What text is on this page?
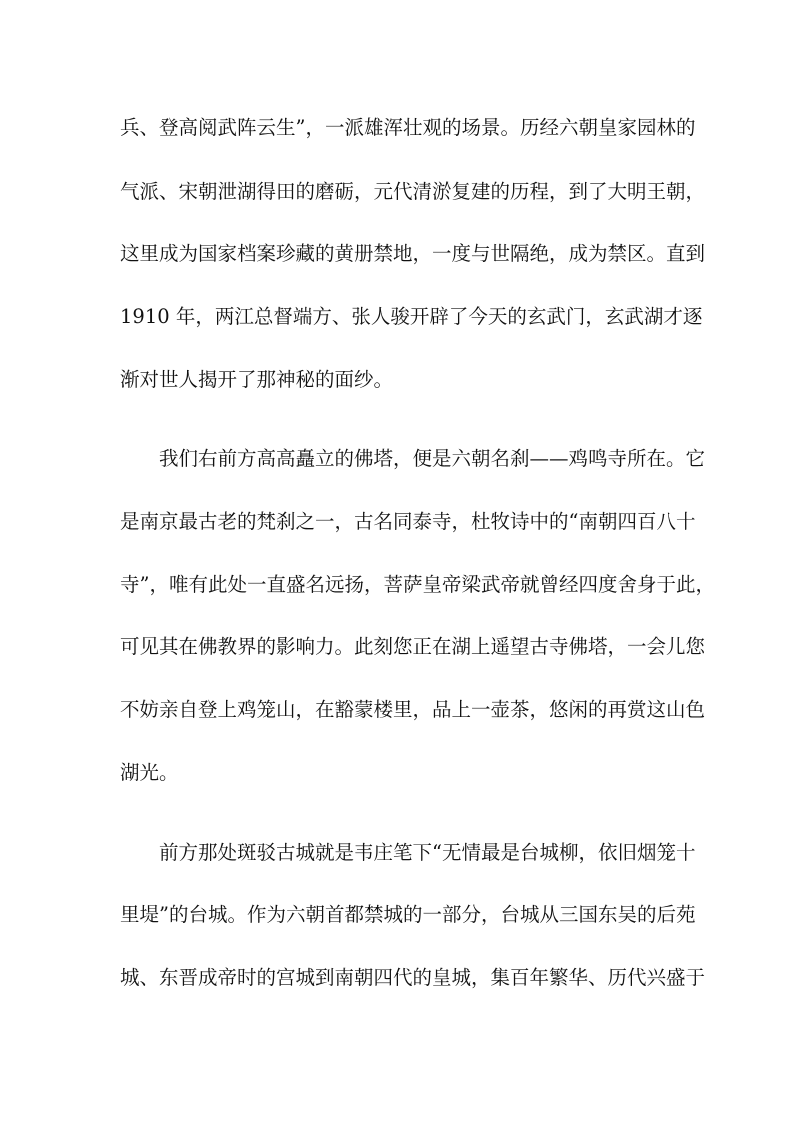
兵、登高阅武阵云生”，一派雄浑壮观的场景。历经六朝皇家园林的
气派、宋朝泄湖得田的磨砺，元代清淤复建的历程，到了大明王朝，
这里成为国家档案珍藏的黄册禁地，一度与世隔绝，成为禁区。直到
1910 年，两江总督端方、张人骏开辟了今天的玄武门，玄武湖才逐
渐对世人揭开了那神秘的面纱。
我们右前方高高矗立的佛塔，便是六朝名刹——鸡鸣寺所在。它
是南京最古老的梵刹之一，古名同泰寺，杜牧诗中的“南朝四百八十
寺”，唯有此处一直盛名远扬，菩萨皇帝梁武帝就曾经四度舍身于此，
可见其在佛教界的影响力。此刻您正在湖上遥望古寺佛塔，一会儿您
不妨亲自登上鸡笼山，在豁蒙楼里，品上一壶茶，悠闲的再赏这山色
湖光。
前方那处斑驳古城就是韦庄笔下“无情最是台城柳，依旧烟笼十
里堤”的台城。作为六朝首都禁城的一部分，台城从三国东吴的后苑
城、东晋成帝时的宫城到南朝四代的皇城，集百年繁华、历代兴盛于
